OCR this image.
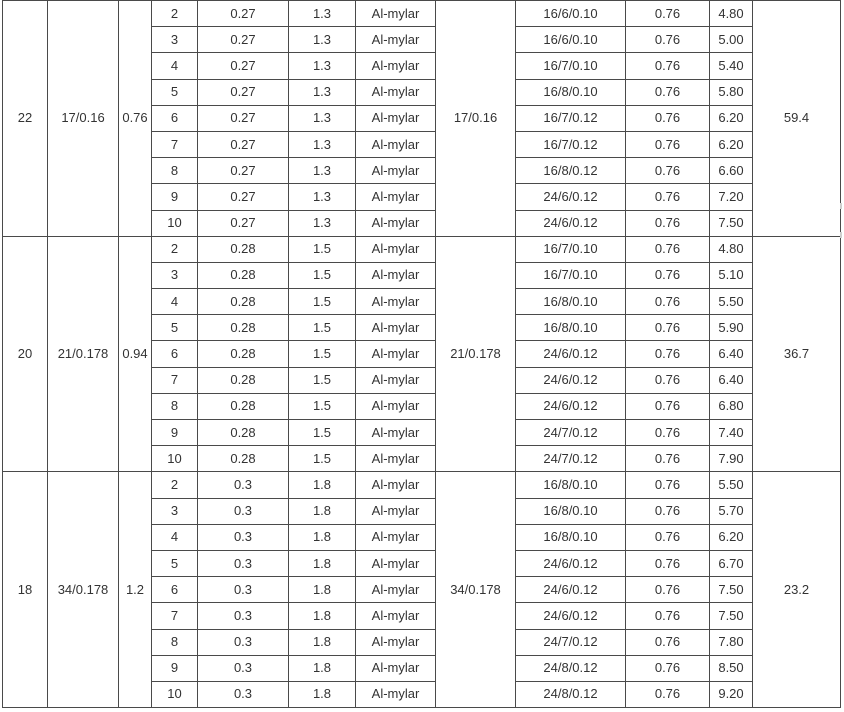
22	17/0.16	0.76	2	0.27	1.3	Al-mylar	17/0.16	16/6/0.10	0.76	4.80	59.4
			3	0.27	1.3	Al-mylar		16/6/0.10	0.76	5.00	
			4	0.27	1.3	Al-mylar		16/7/0.10	0.76	5.40	
			5	0.27	1.3	Al-mylar		16/8/0.10	0.76	5.80	
			6	0.27	1.3	Al-mylar		16/7/0.12	0.76	6.20	
			7	0.27	1.3	Al-mylar		16/7/0.12	0.76	6.20	
			8	0.27	1.3	Al-mylar		16/8/0.12	0.76	6.60	
			9	0.27	1.3	Al-mylar		24/6/0.12	0.76	7.20	
			10	0.27	1.3	Al-mylar		24/6/0.12	0.76	7.50	
20	21/0.178	0.94	2	0.28	1.5	Al-mylar	21/0.178	16/7/0.10	0.76	4.80	36.7
			3	0.28	1.5	Al-mylar		16/7/0.10	0.76	5.10	
			4	0.28	1.5	Al-mylar		16/8/0.10	0.76	5.50	
			5	0.28	1.5	Al-mylar		16/8/0.10	0.76	5.90	
			6	0.28	1.5	Al-mylar		24/6/0.12	0.76	6.40	
			7	0.28	1.5	Al-mylar		24/6/0.12	0.76	6.40	
			8	0.28	1.5	Al-mylar		24/6/0.12	0.76	6.80	
			9	0.28	1.5	Al-mylar		24/7/0.12	0.76	7.40	
			10	0.28	1.5	Al-mylar		24/7/0.12	0.76	7.90	
18	34/0.178	1.2	2	0.3	1.8	Al-mylar	34/0.178	16/8/0.10	0.76	5.50	23.2
			3	0.3	1.8	Al-mylar		16/8/0.10	0.76	5.70	
			4	0.3	1.8	Al-mylar		16/8/0.10	0.76	6.20	
			5	0.3	1.8	Al-mylar		24/6/0.12	0.76	6.70	
			6	0.3	1.8	Al-mylar		24/6/0.12	0.76	7.50	
			7	0.3	1.8	Al-mylar		24/6/0.12	0.76	7.50	
			8	0.3	1.8	Al-mylar		24/7/0.12	0.76	7.80	
			9	0.3	1.8	Al-mylar		24/8/0.12	0.76	8.50	
			10	0.3	1.8	Al-mylar		24/8/0.12	0.76	9.20	
